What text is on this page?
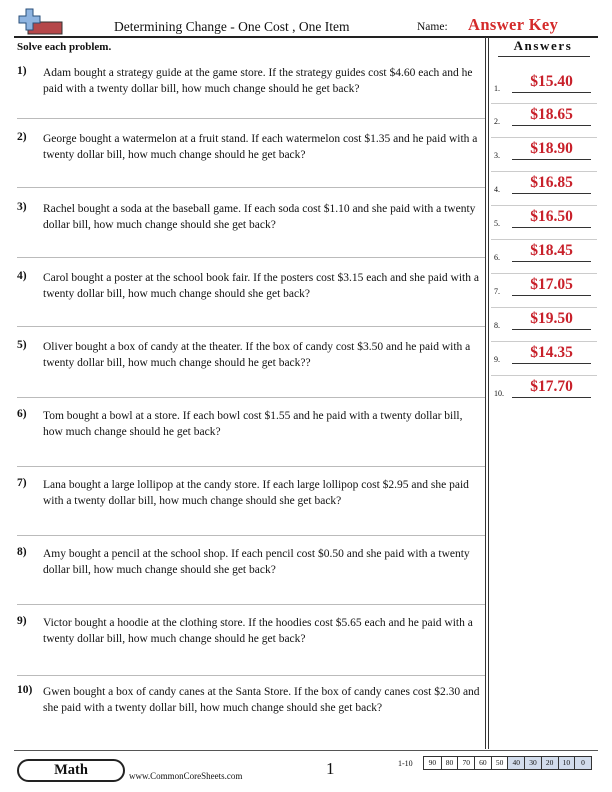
Determining Change - One Cost , One Item	Name: Answer Key
Solve each problem.	Answers
1) Adam bought a strategy guide at the game store. If the strategy guides cost $4.60 each and he paid with a twenty dollar bill, how much change should he get back?
2) George bought a watermelon at a fruit stand. If each watermelon cost $1.35 and he paid with a twenty dollar bill, how much change should he get back?
3) Rachel bought a soda at the baseball game. If each soda cost $1.10 and she paid with a twenty dollar bill, how much change should she get back?
4) Carol bought a poster at the school book fair. If the posters cost $3.15 each and she paid with a twenty dollar bill, how much change should she get back?
5) Oliver bought a box of candy at the theater. If the box of candy cost $3.50 and he paid with a twenty dollar bill, how much change should he get back??
6) Tom bought a bowl at a store. If each bowl cost $1.55 and he paid with a twenty dollar bill, how much change should he get back?
7) Lana bought a large lollipop at the candy store. If each large lollipop cost $2.95 and she paid with a twenty dollar bill, how much change should she get back?
8) Amy bought a pencil at the school shop. If each pencil cost $0.50 and she paid with a twenty dollar bill, how much change should she get back?
9) Victor bought a hoodie at the clothing store. If the hoodies cost $5.65 each and he paid with a twenty dollar bill, how much change should he get back?
10) Gwen bought a box of candy canes at the Santa Store. If the box of candy canes cost $2.30 and she paid with a twenty dollar bill, how much change should she get back?
1.	$15.40
2.	$18.65
3.	$18.90
4.	$16.85
5.	$16.50
6.	$18.45
7.	$17.05
8.	$19.50
9.	$14.35
10.	$17.70
Math	www.CommonCoreSheets.com	1	1-10	90	80	70	60	50	40	30	20	10	0
